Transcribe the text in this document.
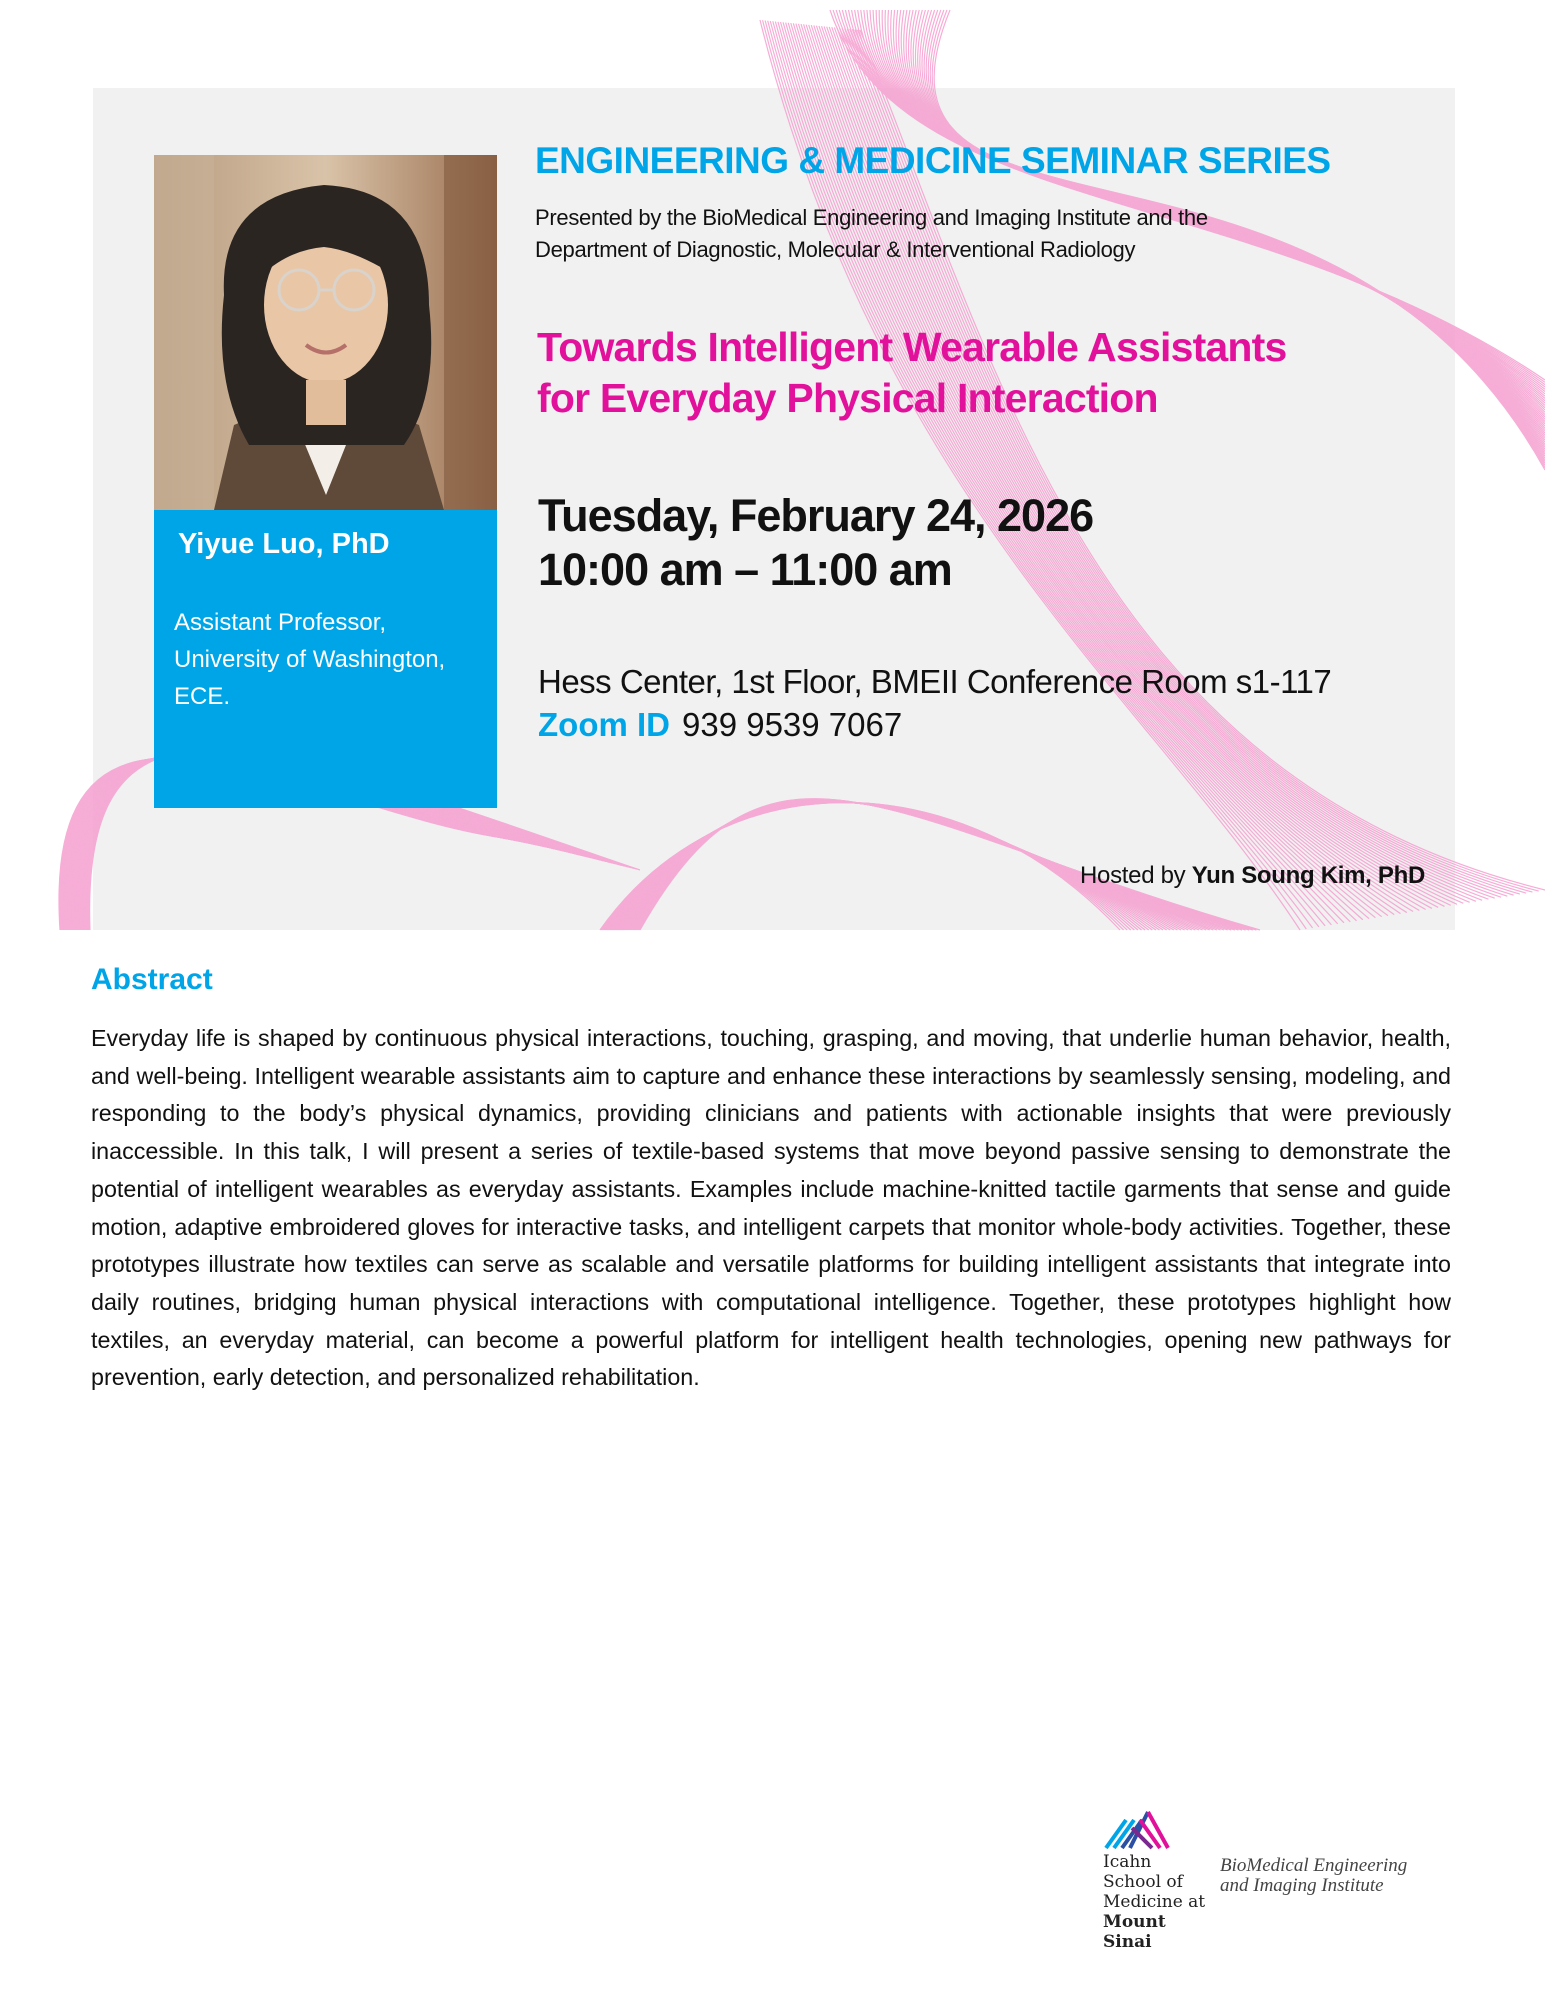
Yiyue Luo, PhD
Assistant Professor,
University of Washington,
ECE.
ENGINEERING & MEDICINE SEMINAR SERIES
Presented by the BioMedical Engineering and Imaging Institute and the
Department of Diagnostic, Molecular & Interventional Radiology
Towards Intelligent Wearable Assistants
for Everyday Physical Interaction
Tuesday, February 24, 2026
10:00 am – 11:00 am
Hess Center, 1st Floor, BMEII Conference Room s1-117
Zoom ID 939 9539 7067
Hosted by Yun Soung Kim, PhD
Abstract
Everyday life is shaped by continuous physical interactions, touching, grasping, and moving, that underlie human behavior, health, and well-being. Intelligent wearable assistants aim to capture and enhance these interactions by seamlessly sensing, modeling, and responding to the body’s physical dynamics, providing clinicians and patients with actionable insights that were previously inaccessible. In this talk, I will present a series of textile-based systems that move beyond passive sensing to demonstrate the potential of intelligent wearables as everyday assistants. Examples include machine-knitted tactile garments that sense and guide motion, adaptive embroidered gloves for interactive tasks, and intelligent carpets that monitor whole-body activities. Together, these prototypes illustrate how textiles can serve as scalable and versatile platforms for building intelligent assistants that integrate into daily routines, bridging human physical interactions with computational intelligence. Together, these prototypes highlight how textiles, an everyday material, can become a powerful platform for intelligent health technologies, opening new pathways for prevention, early detection, and personalized rehabilitation.
Icahn
School of
Medicine at
Mount
Sinai
BioMedical Engineering
and Imaging Institute
